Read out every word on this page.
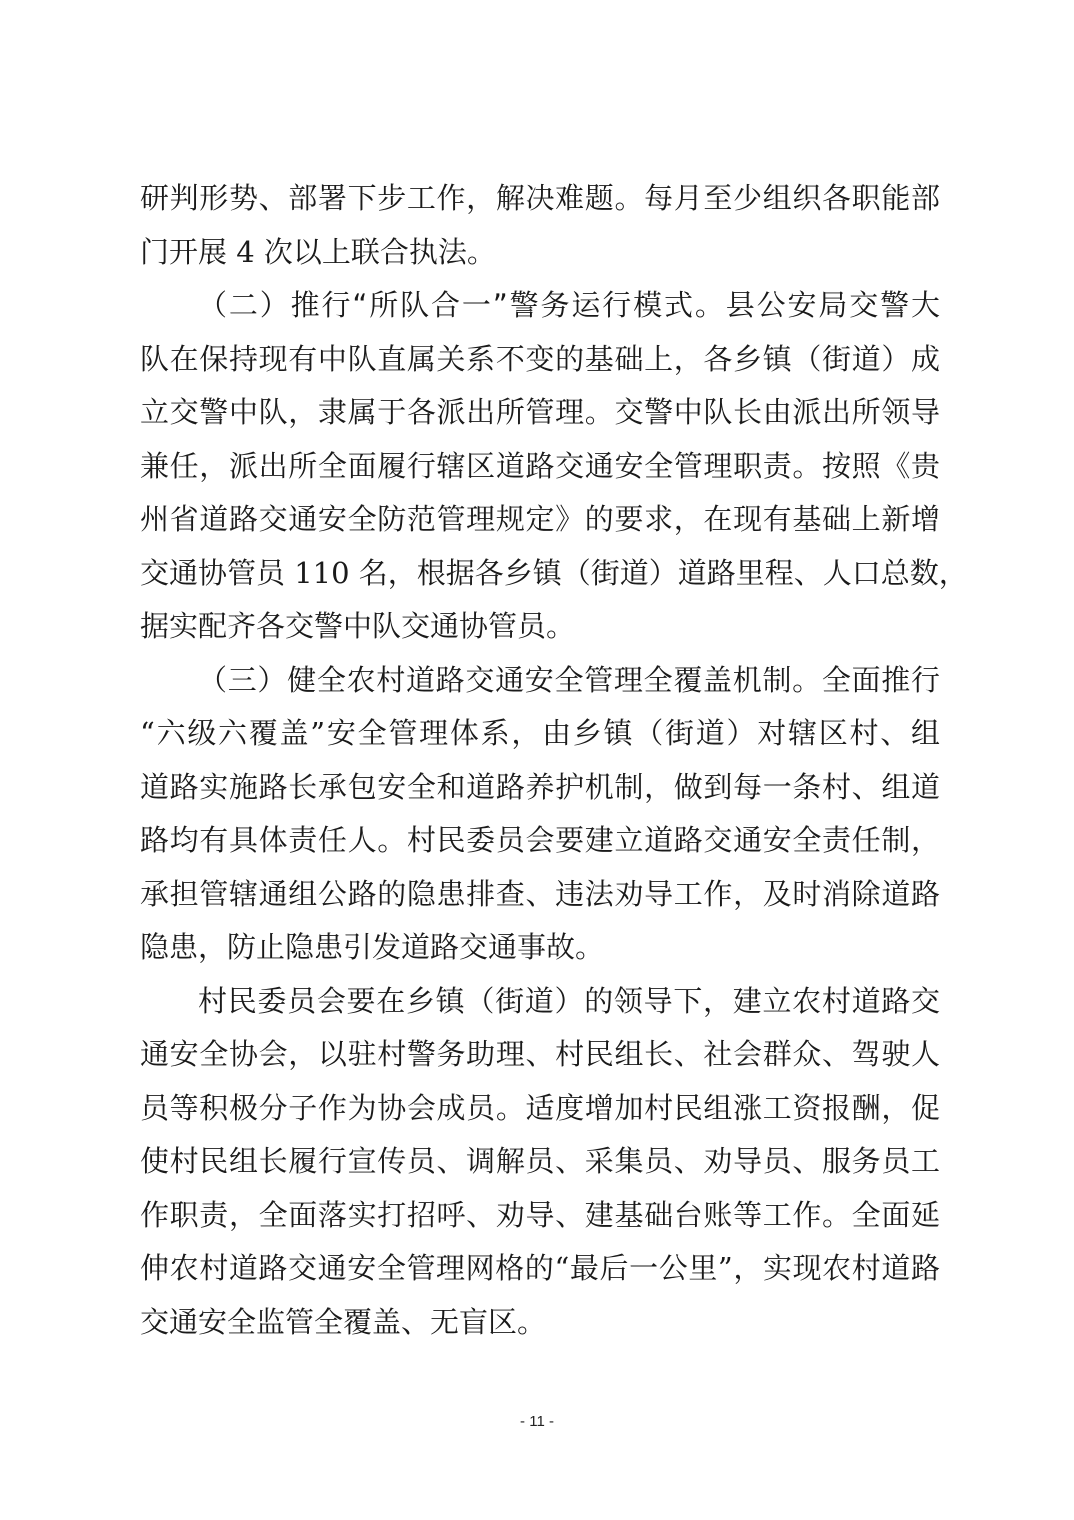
研判形势、部署下步工作，解决难题。每月至少组织各职能部
门开展 4 次以上联合执法。
（二）推行“所队合一”警务运行模式。县公安局交警大
队在保持现有中队直属关系不变的基础上，各乡镇（街道）成
立交警中队，隶属于各派出所管理。交警中队长由派出所领导
兼任，派出所全面履行辖区道路交通安全管理职责。按照《贵
州省道路交通安全防范管理规定》的要求，在现有基础上新增
交通协管员 110 名，根据各乡镇（街道）道路里程、人口总数，
据实配齐各交警中队交通协管员。
（三）健全农村道路交通安全管理全覆盖机制。全面推行
“六级六覆盖”安全管理体系，由乡镇（街道）对辖区村、组
道路实施路长承包安全和道路养护机制，做到每一条村、组道
路均有具体责任人。村民委员会要建立道路交通安全责任制，
承担管辖通组公路的隐患排查、违法劝导工作，及时消除道路
隐患，防止隐患引发道路交通事故。
村民委员会要在乡镇（街道）的领导下，建立农村道路交
通安全协会，以驻村警务助理、村民组长、社会群众、驾驶人
员等积极分子作为协会成员。适度增加村民组涨工资报酬，促
使村民组长履行宣传员、调解员、采集员、劝导员、服务员工
作职责，全面落实打招呼、劝导、建基础台账等工作。全面延
伸农村道路交通安全管理网格的“最后一公里”，实现农村道路
交通安全监管全覆盖、无盲区。
- 11 -
